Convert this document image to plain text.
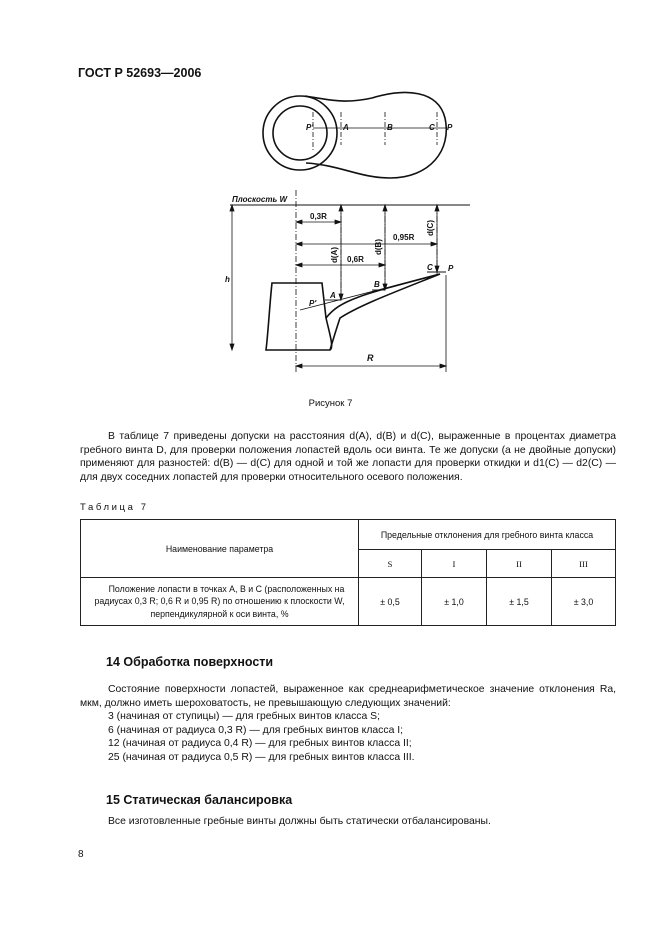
ГОСТ Р 52693—2006
P'	A	B	C P
Плоскость W
0,3R
0,95R
0,6R
d(A)	d(B)
d(C)
h
R
P'
A
B
C P
Рисунок 7

В таблице 7 приведены допуски на расстояния d(A), d(B) и d(C), выраженные в процентах диаметра гребного винта D, для проверки положения лопастей вдоль оси винта. Те же допуски (а не двойные допуски) применяют для разностей: d(B) — d(C) для одной и той же лопасти для проверки откидки и d1(C) — d2(C) — для двух соседних лопастей для проверки относительного осевого положения.

Таблица 7
Наименование параметра	Предельные отклонения для гребного винта класса			
	S	I	II	III
Положение лопасти в точках A, B и C (расположенных на радиусах 0,3 R; 0,6 R и 0,95 R) по отношению к плоскости W, перпендикулярной к оси винта, %	± 0,5	± 1,0	± 1,5	± 3,0
14 Обработка поверхности

Состояние поверхности лопастей, выраженное как среднеарифметическое значение отклонения Ra, мкм, должно иметь шероховатость, не превышающую следующих значений:

3 (начиная от ступицы) — для гребных винтов класса S;

6 (начиная от радиуса 0,3 R) — для гребных винтов класса I;

12 (начиная от радиуса 0,4 R) — для гребных винтов класса II;

25 (начиная от радиуса 0,5 R) — для гребных винтов класса III.

15 Статическая балансировка

Все изготовленные гребные винты должны быть статически отбалансированы.

8
